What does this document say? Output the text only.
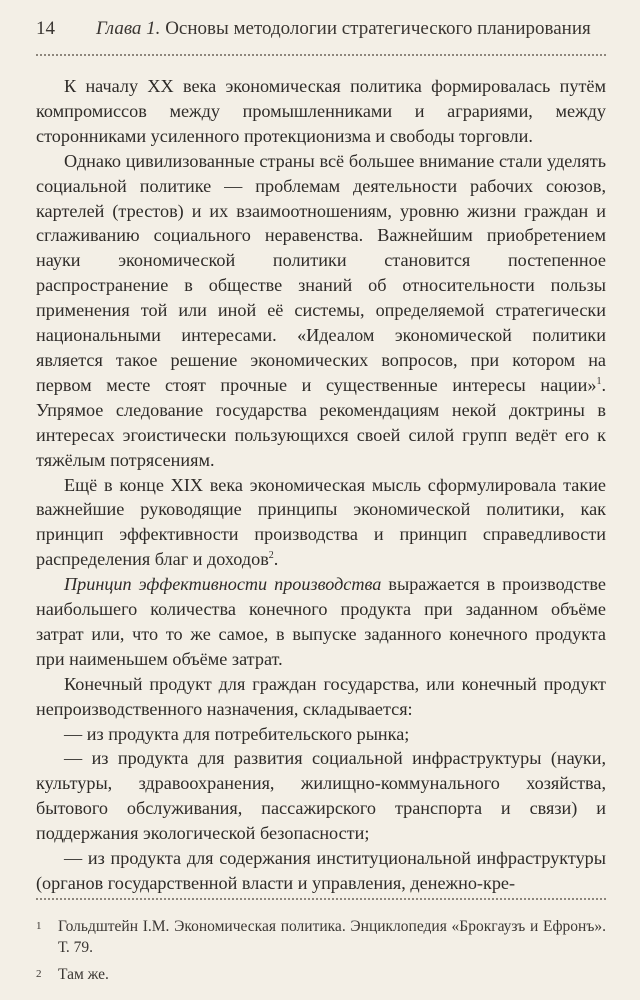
14	Глава 1. Основы методологии стратегического планирования

К началу XX века экономическая политика формировалась путём компромиссов между промышленниками и аграриями, между сторонниками усиленного протекционизма и свободы торговли.

Однако цивилизованные страны всё большее внимание стали уделять социальной политике — проблемам деятельности рабочих союзов, картелей (трестов) и их взаимоотношениям, уровню жизни граждан и сглаживанию социального неравенства. Важнейшим приобретением науки экономической политики становится постепенное распространение в обществе знаний об относительности пользы применения той или иной её системы, определяемой стратегически национальными интересами. «Идеалом экономической политики является такое решение экономических вопросов, при котором на первом месте стоят прочные и существенные интересы нации»$^1$. Упрямое следование государства рекомендациям некой доктрины в интересах эгоистически пользующихся своей силой групп ведёт его к тяжёлым потрясениям.

Ещё в конце XIX века экономическая мысль сформулировала такие важнейшие руководящие принципы экономической политики, как принцип эффективности производства и принцип справедливости распределения благ и доходов$^2$.

Принцип эффективности производства выражается в производстве наибольшего количества конечного продукта при заданном объёме затрат или, что то же самое, в выпуске заданного конечного продукта при наименьшем объёме затрат.

Конечный продукт для граждан государства, или конечный продукт непроизводственного назначения, складывается:

— из продукта для потребительского рынка;

— из продукта для развития социальной инфраструктуры (науки, культуры, здравоохранения, жилищно-коммунального хозяйства, бытового обслуживания, пассажирского транспорта и связи) и поддержания экологической безопасности;

— из продукта для содержания институциональной инфраструктуры (органов государственной власти и управления, денежно-кре-

1	Гольдштейн I.M. Экономическая политика. Энциклопедия «Брокгаузъ и Ефронъ». Т. 79.
2	Там же.
